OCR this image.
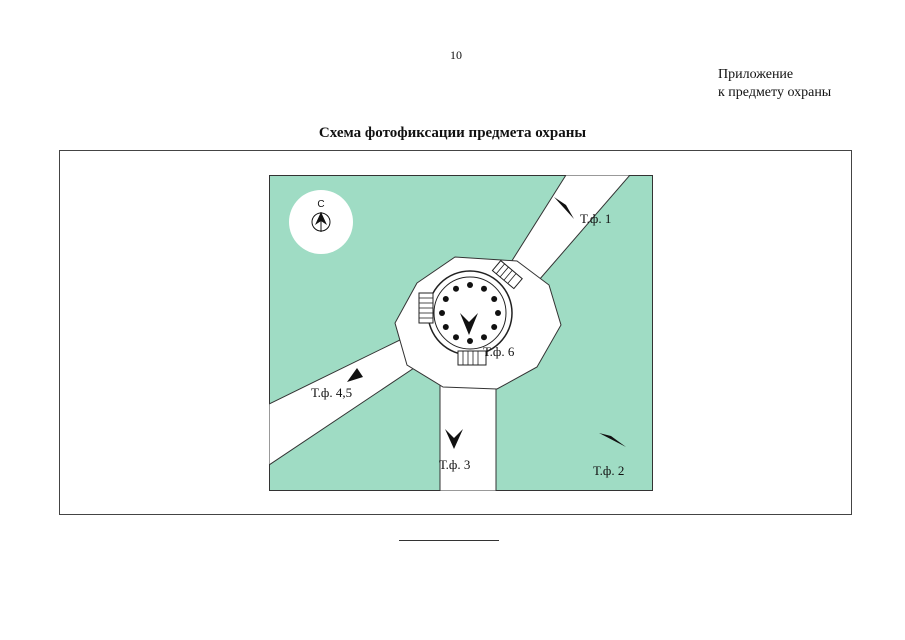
10
Приложение
к предмету охраны
Схема фотофиксации предмета охраны
С
Т.ф. 1
Т.ф. 2
Т.ф. 3
Т.ф. 4,5
Т.ф. 6
